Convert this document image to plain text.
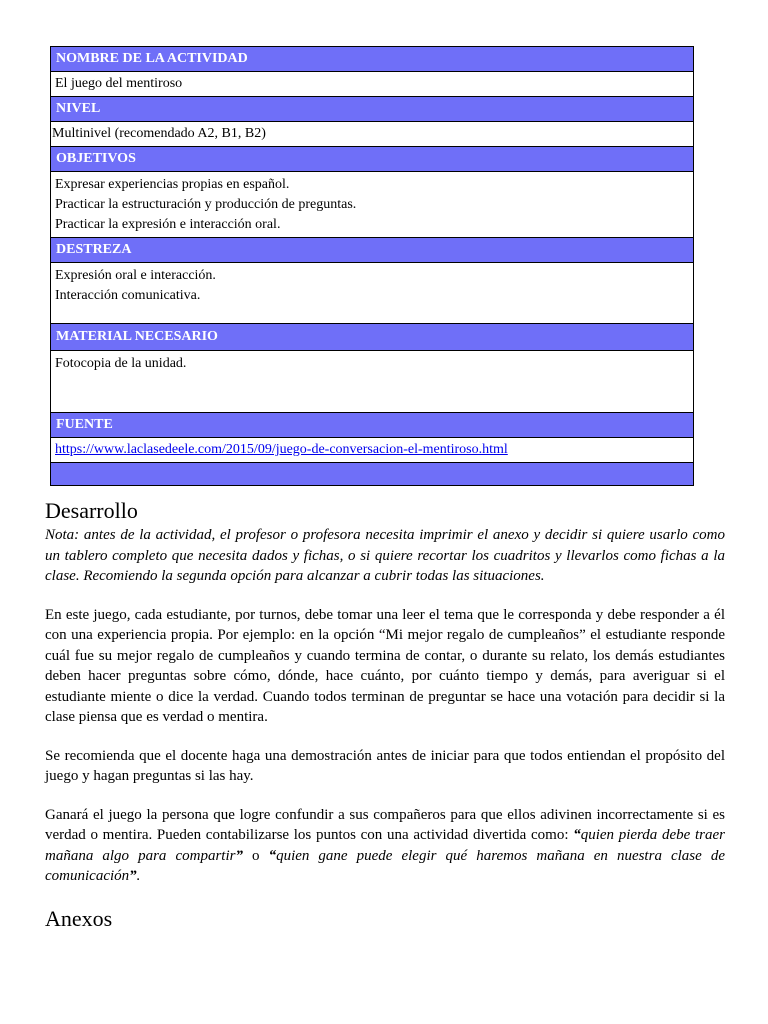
NOMBRE DE LA ACTIVIDAD
El juego del mentiroso
NIVEL
Multinivel (recomendado A2, B1, B2)
OBJETIVOS

Expresar experiencias propias en español.
Practicar la estructuración y producción de preguntas.
Practicar la expresión e interacción oral.

DESTREZA

Expresión oral e interacción.
Interacción comunicativa.

MATERIAL NECESARIO

Fotocopia de la unidad.

FUENTE
https://www.laclasedeele.com/2015/09/juego-de-conversacion-el-mentiroso.html

Desarrollo

Nota: antes de la actividad, el profesor o profesora necesita imprimir el anexo y decidir si quiere usarlo como un tablero completo que necesita dados y fichas, o si quiere recortar los cuadritos y llevarlos como fichas a la clase. Recomiendo la segunda opción para alcanzar a cubrir todas las situaciones.

En este juego, cada estudiante, por turnos, debe tomar una leer el tema que le corresponda y debe responder a él con una experiencia propia. Por ejemplo: en la opción “Mi mejor regalo de cumpleaños” el estudiante responde cuál fue su mejor regalo de cumpleaños y cuando termina de contar, o durante su relato, los demás estudiantes deben hacer preguntas sobre cómo, dónde, hace cuánto, por cuánto tiempo y demás, para averiguar si el estudiante miente o dice la verdad. Cuando todos terminan de preguntar se hace una votación para decidir si la clase piensa que es verdad o mentira.

Se recomienda que el docente haga una demostración antes de iniciar para que todos entiendan el propósito del juego y hagan preguntas si las hay.

Ganará el juego la persona que logre confundir a sus compañeros para que ellos adivinen incorrectamente si es verdad o mentira. Pueden contabilizarse los puntos con una actividad divertida como: “quien pierda debe traer mañana algo para compartir” o “quien gane puede elegir qué haremos mañana en nuestra clase de comunicación”.

Anexos
